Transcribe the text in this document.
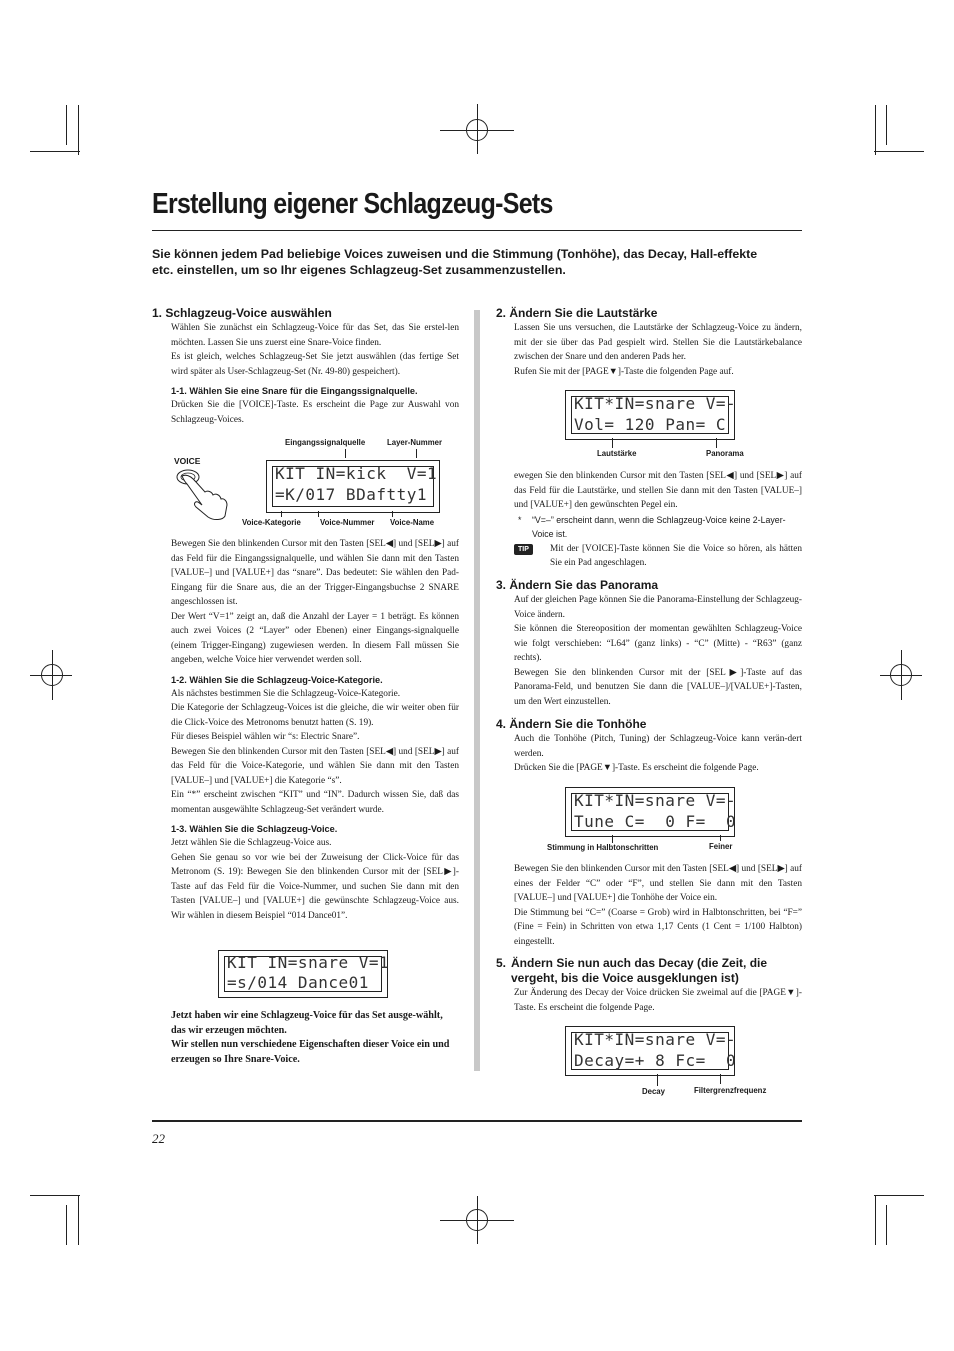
Erstellung eigener Schlagzeug-Sets
Sie können jedem Pad beliebige Voices zuweisen und die Stimmung (Tonhöhe), das Decay, Hall-effekte etc. einstellen, um so Ihr eigenes Schlagzeug-Set zusammenzustellen.

1. Schlagzeug-Voice auswählen

Wählen Sie zunächst ein Schlagzeug-Voice für das Set, das Sie erstel-len möchten. Lassen Sie uns zuerst eine Snare-Voice finden.

Es ist gleich, welches Schlagzeug-Set Sie jetzt auswählen (das fertige Set wird später als User-Schlagzeug-Set (Nr. 49-80) gespeichert).

1-1. Wählen Sie eine Snare für die Eingangssignalquelle.

Drücken Sie die [VOICE]-Taste. Es erscheint die Page zur Auswahl von Schlagzeug-Voices.

Eingangssignalquelle	Layer-Nummer
VOICE
KIT IN=kick  V=1
=K/017 BDaftty1
Voice-Kategorie Voice-Nummer Voice-Name

Bewegen Sie den blinkenden Cursor mit den Tasten [SEL◀] und [SEL▶] auf das Feld für die Eingangssignalquelle, und wählen Sie dann mit den Tasten [VALUE–] und [VALUE+] das “snare”. Das bedeutet: Sie wählen den Pad-Eingang für die Snare aus, die an der Trigger-Eingangsbuchse 2 SNARE angeschlossen ist.

Der Wert “V=1” zeigt an, daß die Anzahl der Layer = 1 beträgt. Es können auch zwei Voices (2 “Layer” oder Ebenen) einer Eingangs-signalquelle (einem Trigger-Eingang) zugewiesen werden. In diesem Fall müssen Sie angeben, welche Voice hier verwendet werden soll.

1-2. Wählen Sie die Schlagzeug-Voice-Kategorie.

Als nächstes bestimmen Sie die Schlagzeug-Voice-Kategorie.

Die Kategorie der Schlagzeug-Voices ist die gleiche, die wir weiter oben für die Click-Voice des Metronoms benutzt hatten (S. 19).

Für dieses Beispiel wählen wir “s: Electric Snare”.

Bewegen Sie den blinkenden Cursor mit den Tasten [SEL◀] und [SEL▶] auf das Feld für die Voice-Kategorie, und wählen Sie dann mit den Tasten [VALUE–] und [VALUE+] die Kategorie “s”.

Ein “*” erscheint zwischen “KIT” und “IN”. Dadurch wissen Sie, daß das momentan ausgewählte Schlagzeug-Set verändert wurde.

1-3. Wählen Sie die Schlagzeug-Voice.

Jetzt wählen Sie die Schlagzeug-Voice aus.

Gehen Sie genau so vor wie bei der Zuweisung der Click-Voice für das Metronom (S. 19): Bewegen Sie den blinkenden Cursor mit der [SEL▶]-Taste auf das Feld für die Voice-Nummer, und suchen Sie dann mit den Tasten [VALUE–] und [VALUE+] die gewünschte Schlagzeug-Voice aus. Wir wählen in diesem Beispiel “014 Dance01”.

KIT IN=snare V=1
=s/014 Dance01

Jetzt haben wir eine Schlagzeug-Voice für das Set ausge-wählt, das wir erzeugen möchten.

Wir stellen nun verschiedene Eigenschaften dieser Voice ein und erzeugen so Ihre Snare-Voice.

2. Ändern Sie die Lautstärke

Lassen Sie uns versuchen, die Lautstärke der Schlagzeug-Voice zu ändern, mit der sie über das Pad gespielt wird. Stellen Sie die Lautstärkebalance zwischen der Snare und den anderen Pads her.

Rufen Sie mit der [PAGE▼]-Taste die folgenden Page auf.

KIT*IN=snare V=-
Vol= 120 Pan= C
Lautstärke	Panorama

ewegen Sie den blinkenden Cursor mit den Tasten [SEL◀] und [SEL▶] auf das Feld für die Lautstärke, und stellen Sie dann mit den Tasten [VALUE–] und [VALUE+] den gewünschten Pegel ein.

* “V=–” erscheint dann, wenn die Schlagzeug-Voice keine 2-Layer-Voice ist.
TIP	Mit der [VOICE]-Taste können Sie die Voice so hören, als hätten Sie ein Pad angeschlagen.

3. Ändern Sie das Panorama

Auf der gleichen Page können Sie die Panorama-Einstellung der Schlagzeug-Voice ändern.

Sie können die Stereoposition der momentan gewählten Schlagzeug-Voice wie folgt verschieben: “L64” (ganz links) - “C” (Mitte) - “R63” (ganz rechts).

Bewegen Sie den blinkenden Cursor mit der [SEL▶]-Taste auf das Panorama-Feld, und benutzen Sie dann die [VALUE–]/[VALUE+]-Tasten, um den Wert einzustellen.

4. Ändern Sie die Tonhöhe

Auch die Tonhöhe (Pitch, Tuning) der Schlagzeug-Voice kann verän-dert werden.

Drücken Sie die [PAGE▼]-Taste. Es erscheint die folgende Page.

KIT*IN=snare V=-
Tune C=  0 F=  0
Stimmung in Halbtonschritten	Feiner

Bewegen Sie den blinkenden Cursor mit den Tasten [SEL◀] und [SEL▶] auf eines der Felder “C” oder “F”, und stellen Sie dann mit den Tasten [VALUE–] und [VALUE+] die Tonhöhe der Voice ein.

Die Stimmung bei “C=” (Coarse = Grob) wird in Halbtonschritten, bei “F=” (Fine = Fein) in Schritten von etwa 1,17 Cents (1 Cent = 1/100 Halbton) eingestellt.

5. Ändern Sie nun auch das Decay (die Zeit, die vergeht, bis die Voice ausgeklungen ist)

Zur Änderung des Decay der Voice drücken Sie zweimal auf die [PAGE▼]-Taste. Es erscheint die folgende Page.

KIT*IN=snare V=-
Decay=+ 8 Fc=  0
Decay	Filtergrenzfrequenz
22
